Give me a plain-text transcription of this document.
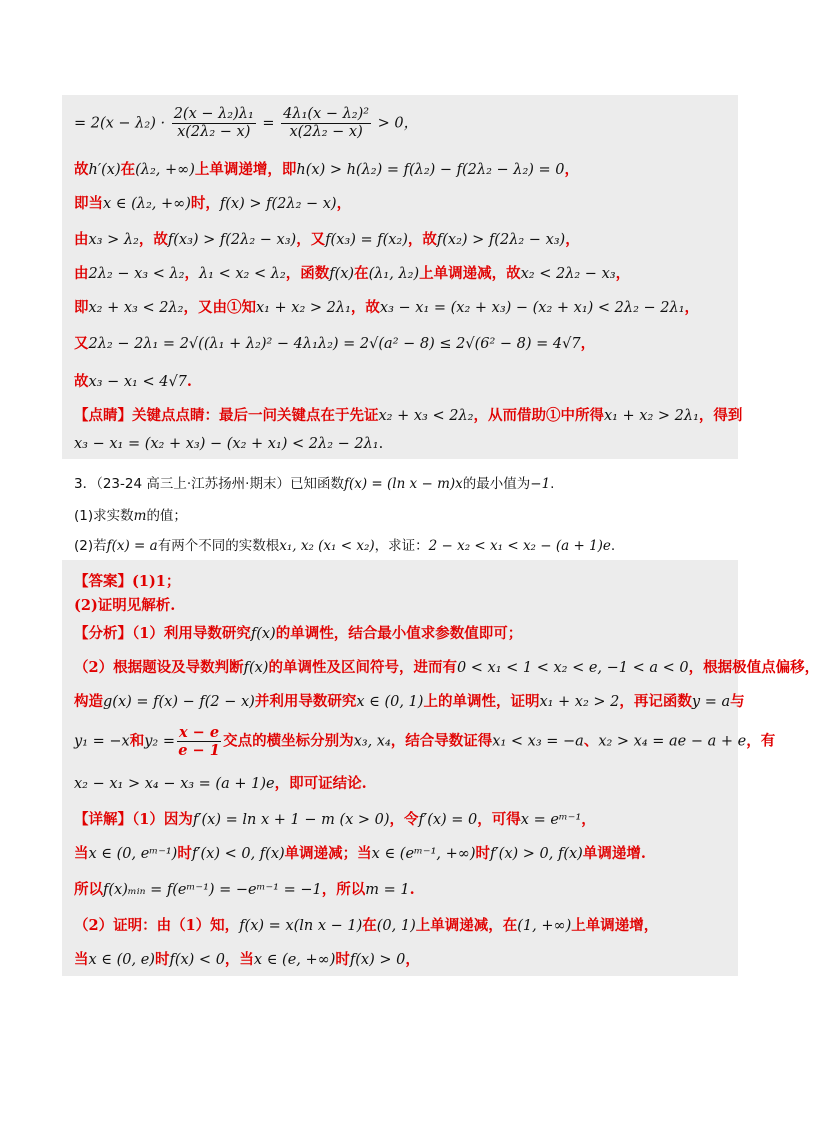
= $2(x - \lambda_2) \cdot \frac{\text{2(x − λ₂)λ₁}}{\text{x(2λ₂ − x)}} = \frac{\text{4λ₁(x − λ₂)²}}{\text{x(2λ₂ − x)}} > 0$，
故h′(x)在(λ₂, +∞)上单调递增，即h(x) > h(λ₂) = f(λ₂) − f(2λ₂ − λ₂) = 0，
即当x ∈ (λ₂, +∞)时，f(x) > f(2λ₂ − x)，
由x₃ > λ₂，故f(x₃) > f(2λ₂ − x₃)，又f(x₃) = f(x₂)，故f(x₂) > f(2λ₂ − x₃)，
由2λ₂ − x₃ < λ₂，λ₁ < x₂ < λ₂，函数f(x)在(λ₁, λ₂)上单调递减，故x₂ < 2λ₂ − x₃，
即x₂ + x₃ < 2λ₂，又由①知x₁ + x₂ > 2λ₁，故x₃ − x₁ = (x₂ + x₃) − (x₂ + x₁) < 2λ₂ − 2λ₁，
又2λ₂ − 2λ₁ = 2√((λ₁ + λ₂)² − 4λ₁λ₂) = 2√(a² − 8) ≤ 2√(6² − 8) = 4√7，
故x₃ − x₁ < 4√7.
【点睛】关键点点睛：最后一问关键点在于先证x₂ + x₃ < 2λ₂，从而借助①中所得x₁ + x₂ > 2λ₁，得到
x₃ − x₁ = (x₂ + x₃) − (x₂ + x₁) < 2λ₂ − 2λ₁.
3．（23-24 高三上·江苏扬州·期末）已知函数f(x) = (ln x − m)x的最小值为−1.
(1)求实数m的值；
(2)若f(x) = a有两个不同的实数根x₁, x₂ (x₁ < x₂)，求证：2 − x₂ < x₁ < x₂ − (a + 1)e.
【答案】(1)1；
(2)证明见解析.
【分析】（1）利用导数研究f(x)的单调性，结合最小值求参数值即可；
（2）根据题设及导数判断f(x)的单调性及区间符号，进而有0 < x₁ < 1 < x₂ < e, −1 < a < 0，根据极值点偏移，
构造g(x) = f(x) − f(2 − x)并利用导数研究x ∈ (0, 1)上的单调性，证明x₁ + x₂ > 2，再记函数y = a与
y₁ = −x和$y_2 = \frac{x - e}{e - 1}$ 交点的横坐标分别为x₃, x₄，结合导数证得x₁ < x₃ = −a、x₂ > x₄ = ae − a + e，有
x₂ − x₁ > x₄ − x₃ = (a + 1)e，即可证结论.
【详解】（1）因为f′(x) = ln x + 1 − m (x > 0)，令f′(x) = 0，可得x = eᵐ⁻¹，
当x ∈ (0, eᵐ⁻¹)时f′(x) < 0, f(x)单调递减；当x ∈ (eᵐ⁻¹, +∞)时f′(x) > 0, f(x)单调递增.
所以f(x)ₘᵢₙ = f(eᵐ⁻¹) = −eᵐ⁻¹ = −1，所以m = 1.
（2）证明：由（1）知，f(x) = x(ln x − 1)在(0, 1)上单调递减，在(1, +∞)上单调递增，
当x ∈ (0, e)时f(x) < 0，当x ∈ (e, +∞)时f(x) > 0，
